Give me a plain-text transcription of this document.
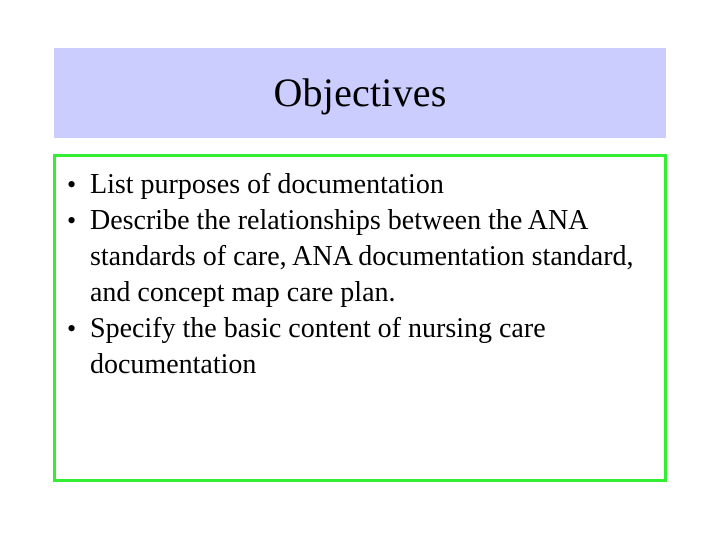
Objectives
• List purposes of documentation
• Describe the relationships between the ANA standards of care, ANA documentation standard, and concept map care plan.
• Specify the basic content of nursing care documentation
